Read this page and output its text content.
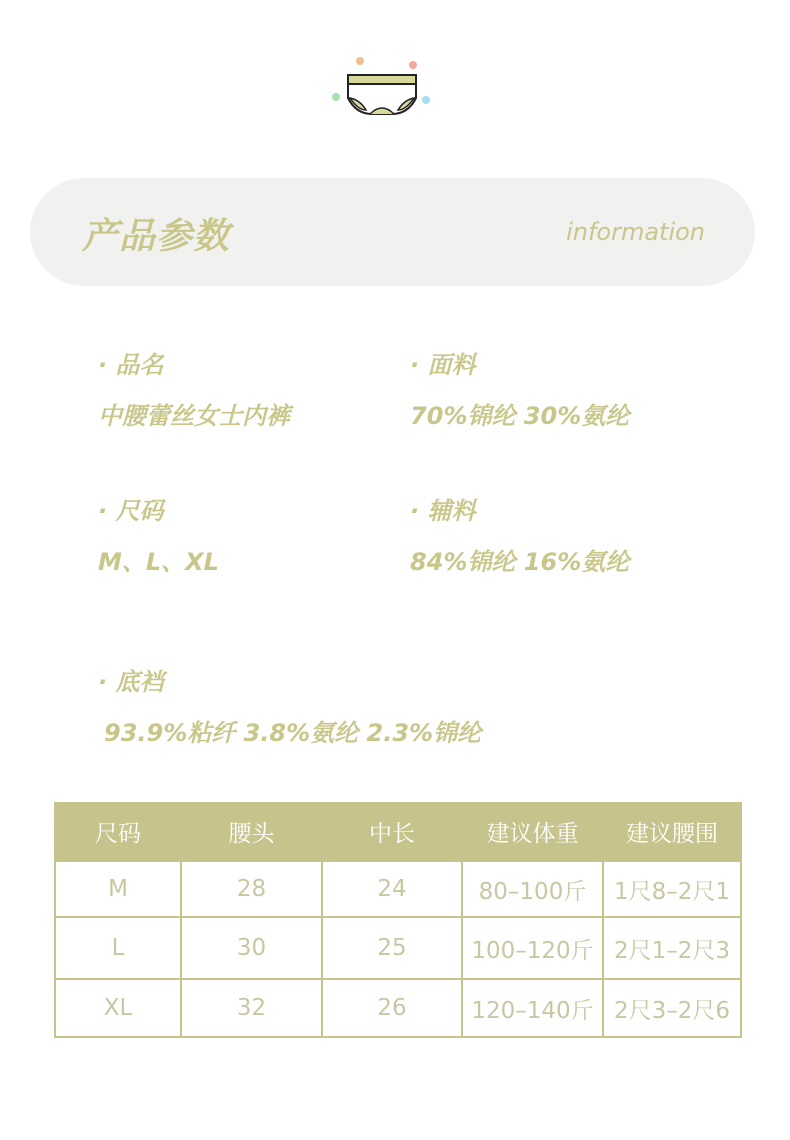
产品参数	information
· 品名
中腰蕾丝女士内裤
· 面料
70%锦纶 30%氨纶
· 尺码
M、L、XL
· 辅料
84%锦纶 16%氨纶
· 底裆
93.9%粘纤 3.8%氨纶 2.3%锦纶
尺码	腰头	中长	建议体重	建议腰围
M	28	24	80–100斤	1尺8–2尺1
L	30	25	100–120斤	2尺1–2尺3
XL	32	26	120–140斤	2尺3–2尺6
